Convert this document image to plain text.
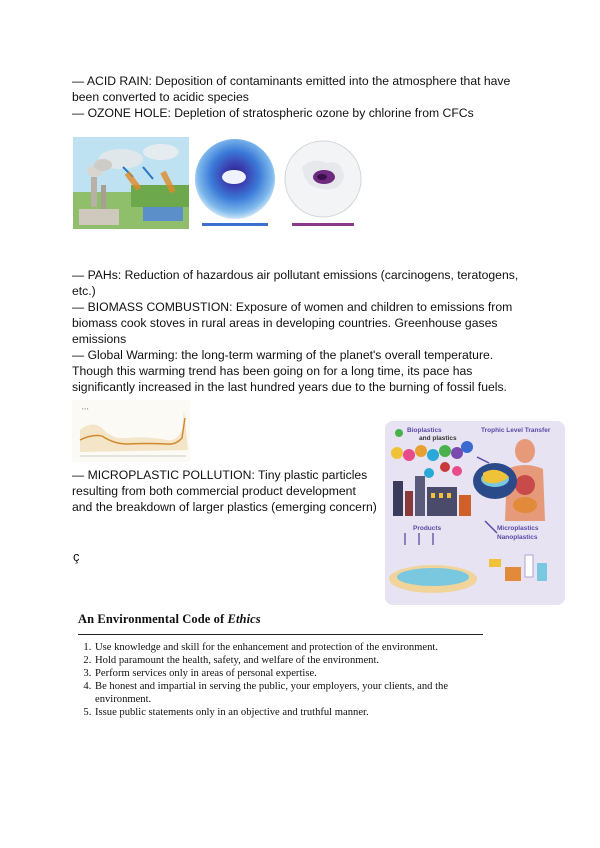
— ACID RAIN: Deposition of contaminants emitted into the atmosphere that have been converted to acidic species

— OZONE HOLE: Depletion of stratospheric ozone by chlorine from CFCs

— PAHs: Reduction of hazardous air pollutant emissions (carcinogens, teratogens, etc.)

— BIOMASS COMBUSTION: Exposure of women and children to emissions from biomass cook stoves in rural areas in developing countries. Greenhouse gases emissions

— Global Warming: the long-term warming of the planet's overall temperature. Though this warming trend has been going on for a long time, its pace has significantly increased in the last hundred years due to the burning of fossil fuels.

▪ ▪ ▪

— MICROPLASTIC POLLUTION: Tiny plastic particles resulting from both commercial product development and the breakdown of larger plastics (emerging concern)

ç
Bioplastics
and plastics
Trophic Level Transfer
Products	Microplastics
Nanoplastics
An Environmental Code of Ethics
1. Use knowledge and skill for the enhancement and protection of the environment.
2. Hold paramount the health, safety, and welfare of the environment.
3. Perform services only in areas of personal expertise.
4. Be honest and impartial in serving the public, your employers, your clients, and the environment.
5. Issue public statements only in an objective and truthful manner.
